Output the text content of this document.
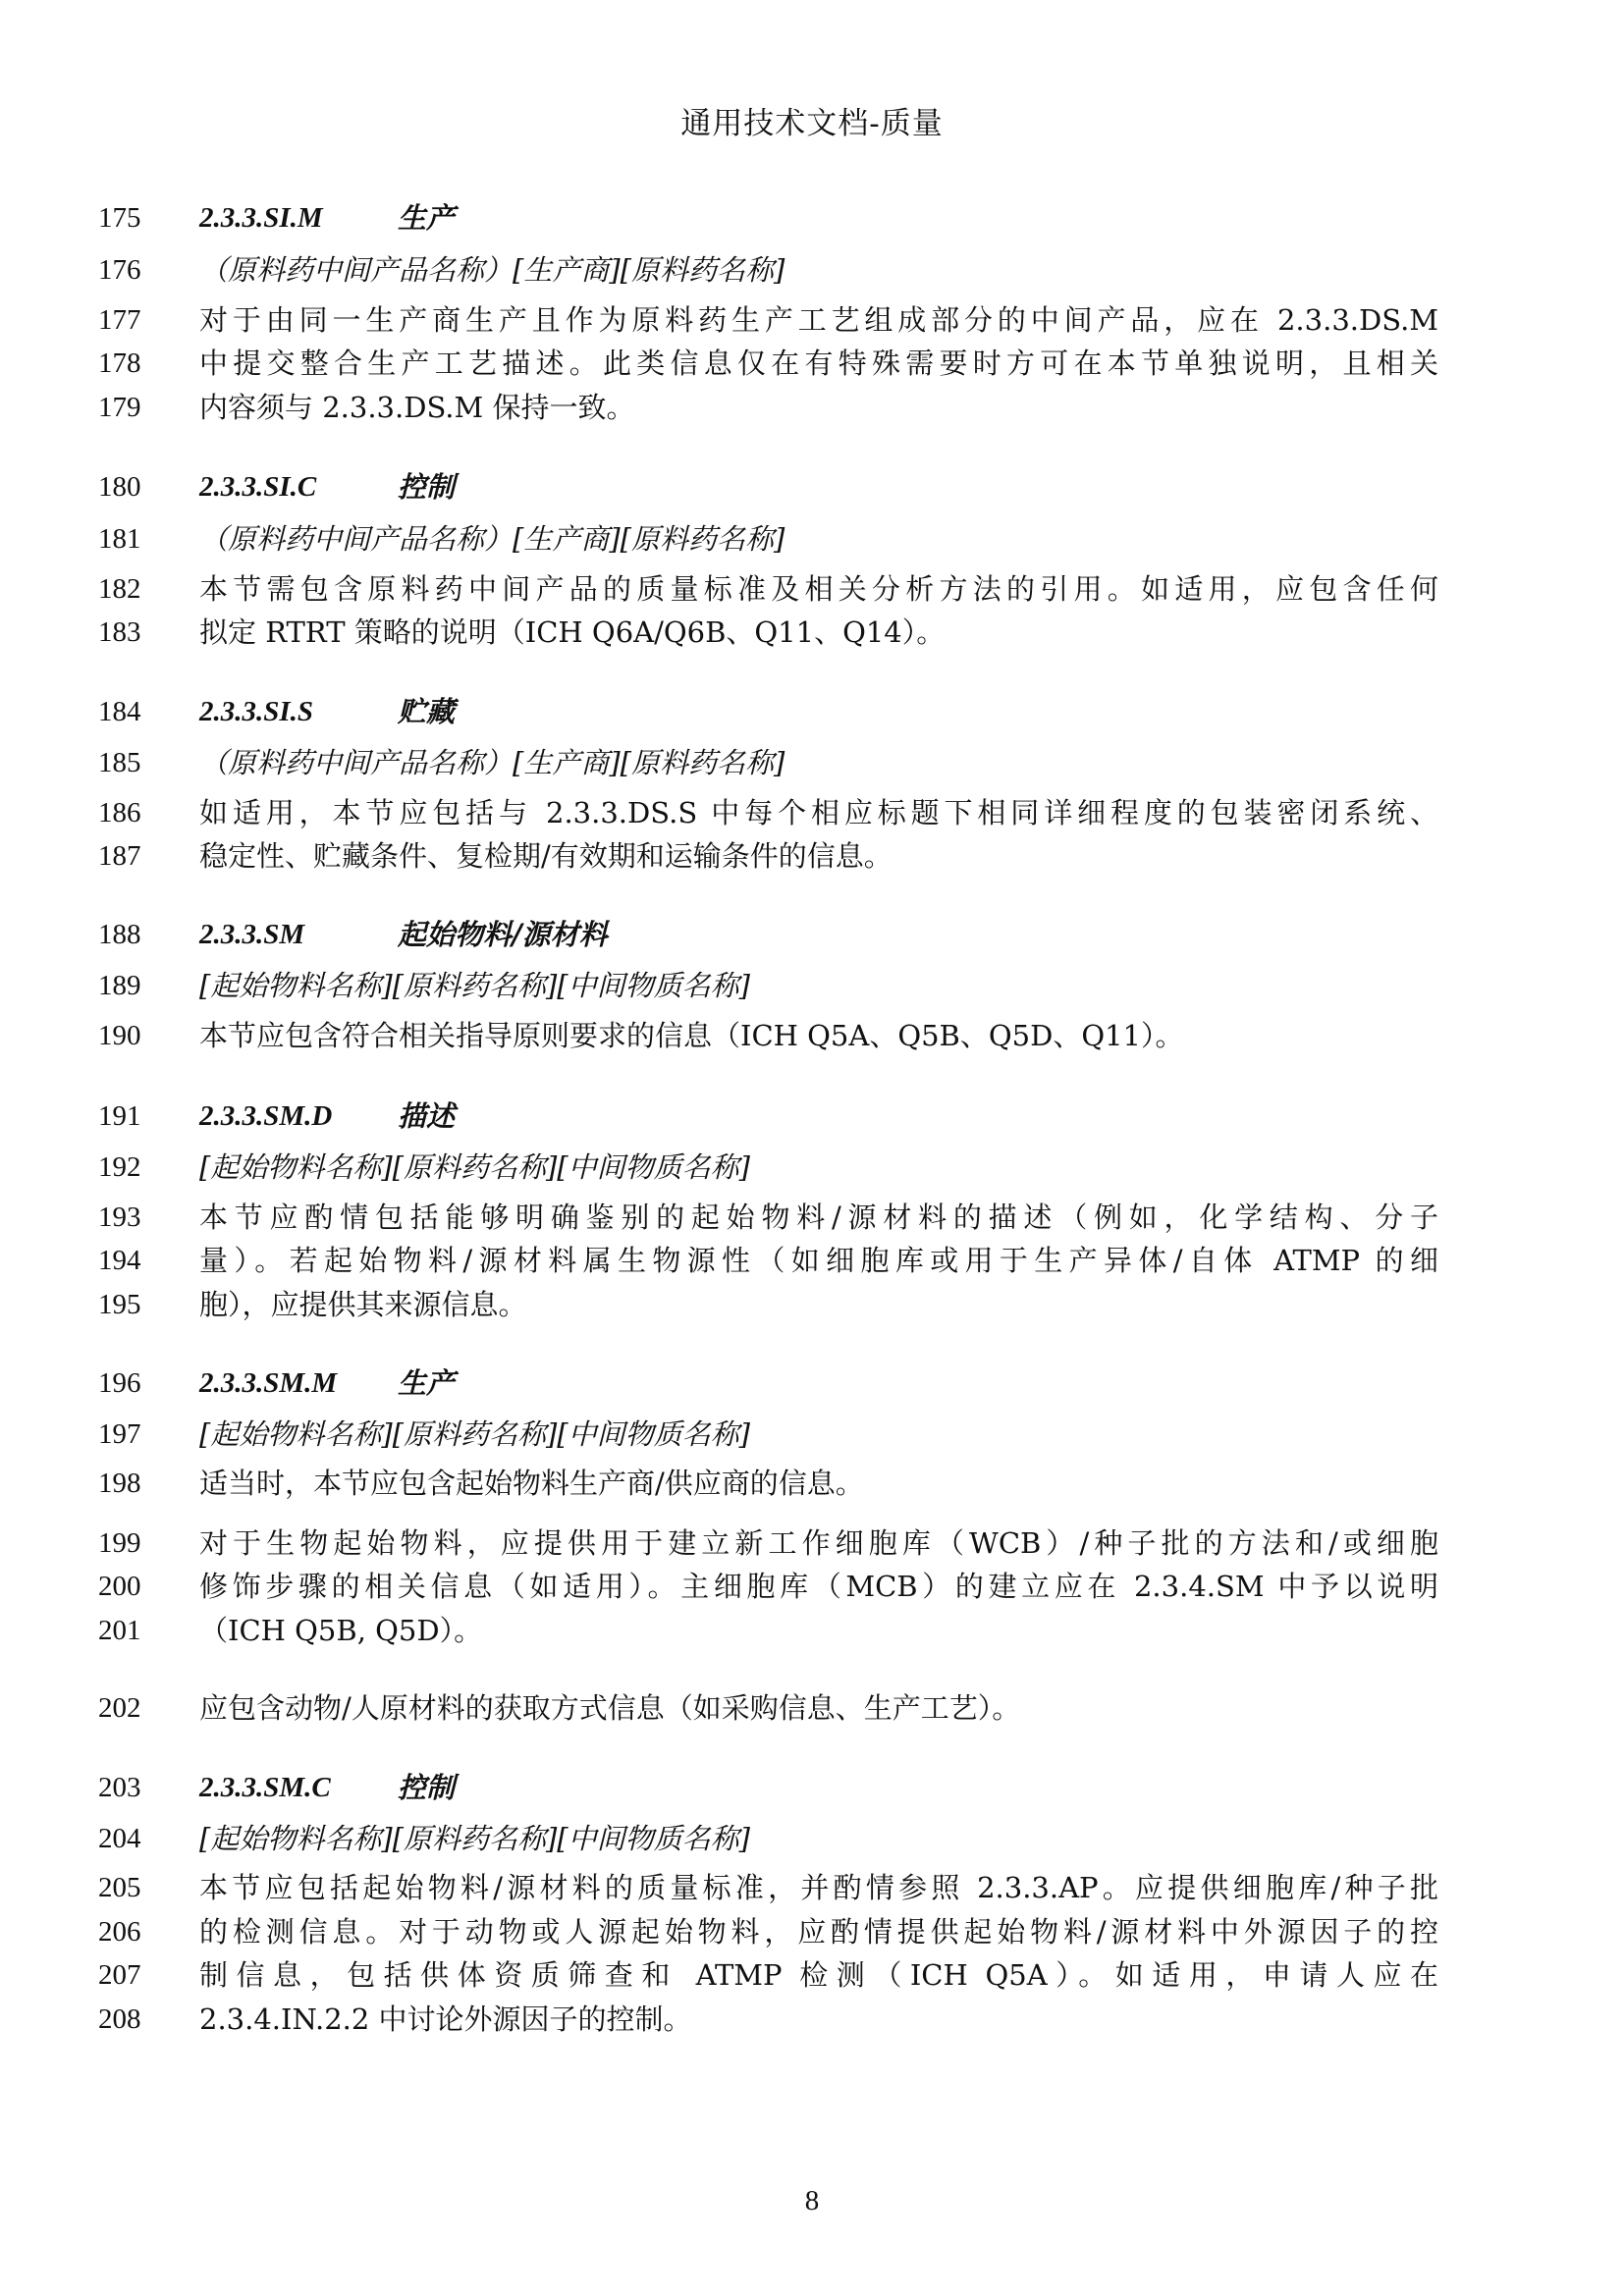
通用技术文档-质量
175	2.3.3.SI.M	生产
176	（原料药中间产品名称）[生产商][原料药名称]
177	对于由同一生产商生产且作为原料药生产工艺组成部分的中间产品，应在 2.3.3.DS.M
178	中提交整合生产工艺描述。此类信息仅在有特殊需要时方可在本节单独说明，且相关
179	内容须与 2.3.3.DS.M 保持一致。
180	2.3.3.SI.C	控制
181	（原料药中间产品名称）[生产商][原料药名称]
182	本节需包含原料药中间产品的质量标准及相关分析方法的引用。如适用，应包含任何
183	拟定 RTRT 策略的说明（ICH Q6A/Q6B、Q11、Q14）。
184	2.3.3.SI.S	贮藏
185	（原料药中间产品名称）[生产商][原料药名称]
186	如适用，本节应包括与 2.3.3.DS.S 中每个相应标题下相同详细程度的包装密闭系统、
187	稳定性、贮藏条件、复检期/有效期和运输条件的信息。
188	2.3.3.SM	起始物料/源材料
189	[起始物料名称][原料药名称][中间物质名称]
190	本节应包含符合相关指导原则要求的信息（ICH Q5A、Q5B、Q5D、Q11）。
191	2.3.3.SM.D 描述
192	[起始物料名称][原料药名称][中间物质名称]
193	本节应酌情包括能够明确鉴别的起始物料/源材料的描述（例如，化学结构、分子
194	量）。若起始物料/源材料属生物源性（如细胞库或用于生产异体/自体 ATMP 的细
195	胞），应提供其来源信息。
196	2.3.3.SM.M 生产
197	[起始物料名称][原料药名称][中间物质名称]
198	适当时，本节应包含起始物料生产商/供应商的信息。
199	对于生物起始物料，应提供用于建立新工作细胞库（WCB）/种子批的方法和/或细胞
200	修饰步骤的相关信息（如适用）。主细胞库（MCB）的建立应在 2.3.4.SM 中予以说明
201	（ICH Q5B, Q5D）。
202	应包含动物/人原材料的获取方式信息（如采购信息、生产工艺）。
203	2.3.3.SM.C 控制
204	[起始物料名称][原料药名称][中间物质名称]
205	本节应包括起始物料/源材料的质量标准，并酌情参照 2.3.3.AP。应提供细胞库/种子批
206	的检测信息。对于动物或人源起始物料，应酌情提供起始物料/源材料中外源因子的控
207	制信息，包括供体资质筛查和 ATMP 检测（ICH Q5A）。如适用，申请人应在
208	2.3.4.IN.2.2 中讨论外源因子的控制。
8
